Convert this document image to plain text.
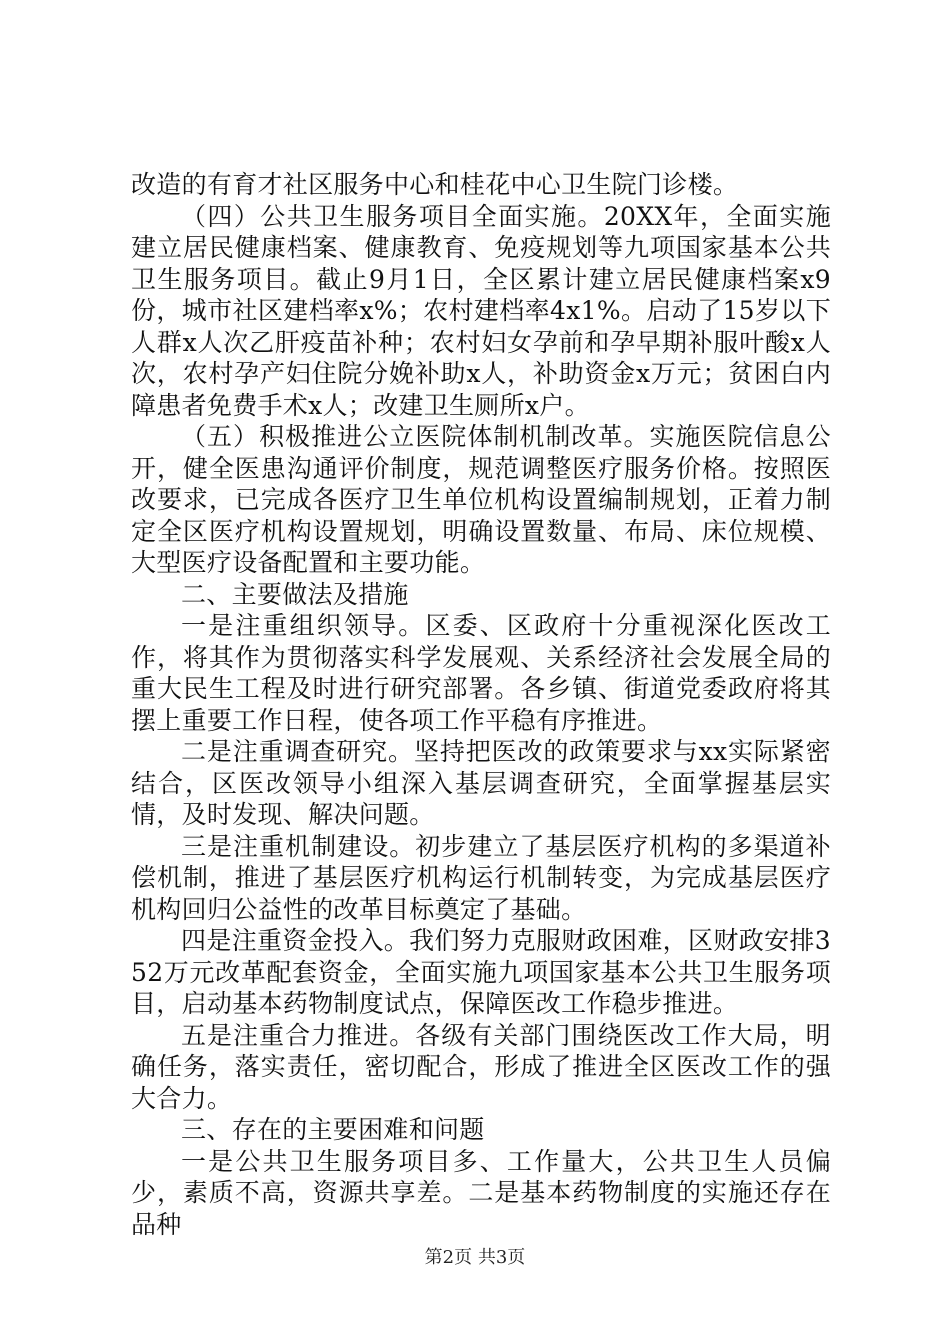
改造的有育才社区服务中心和桂花中心卫生院门诊楼。

（四）公共卫生服务项目全面实施。20XX年，全面实施建立居民健康档案、健康教育、免疫规划等九项国家基本公共卫生服务项目。截止9月1日，全区累计建立居民健康档案x9份，城市社区建档率x%；农村建档率4x1%。启动了15岁以下人群x人次乙肝疫苗补种；农村妇女孕前和孕早期补服叶酸x人次，农村孕产妇住院分娩补助x人，补助资金x万元；贫困白内障患者免费手术x人；改建卫生厕所x户。

（五）积极推进公立医院体制机制改革。实施医院信息公开，健全医患沟通评价制度，规范调整医疗服务价格。按照医改要求，已完成各医疗卫生单位机构设置编制规划，正着力制定全区医疗机构设置规划，明确设置数量、布局、床位规模、大型医疗设备配置和主要功能。

二、主要做法及措施

一是注重组织领导。区委、区政府十分重视深化医改工作，将其作为贯彻落实科学发展观、关系经济社会发展全局的重大民生工程及时进行研究部署。各乡镇、街道党委政府将其摆上重要工作日程，使各项工作平稳有序推进。

二是注重调查研究。坚持把医改的政策要求与xx实际紧密结合，区医改领导小组深入基层调查研究，全面掌握基层实情，及时发现、解决问题。

三是注重机制建设。初步建立了基层医疗机构的多渠道补偿机制，推进了基层医疗机构运行机制转变，为完成基层医疗机构回归公益性的改革目标奠定了基础。

四是注重资金投入。我们努力克服财政困难，区财政安排352万元改革配套资金，全面实施九项国家基本公共卫生服务项目，启动基本药物制度试点，保障医改工作稳步推进。

五是注重合力推进。各级有关部门围绕医改工作大局，明确任务，落实责任，密切配合，形成了推进全区医改工作的强大合力。

三、存在的主要困难和问题

一是公共卫生服务项目多、工作量大，公共卫生人员偏少，素质不高，资源共享差。二是基本药物制度的实施还存在品种

第2页 共3页
